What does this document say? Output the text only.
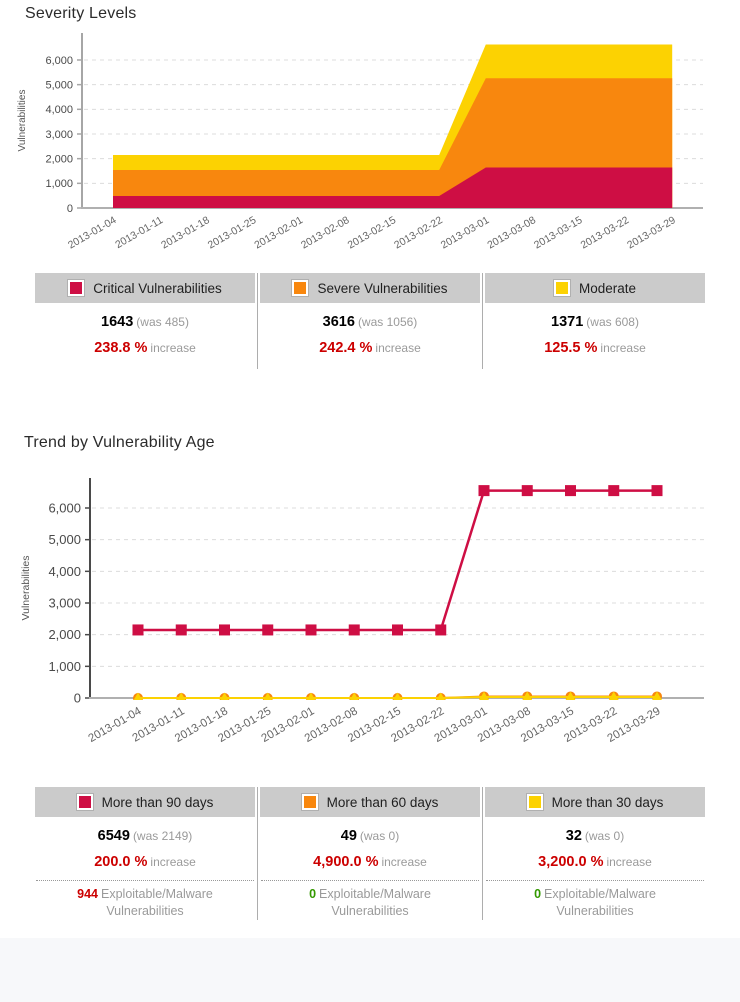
Severity Levels
0
1,000
2,000
3,000
4,000
5,000
6,000
2013-01-04
2013-01-11
2013-01-18
2013-01-25
2013-02-01
2013-02-08
2013-02-15
2013-02-22
2013-03-01
2013-03-08
2013-03-15
2013-03-22
2013-03-29
Vulnerabilities
Critical Vulnerabilities
1643 (was 485)
238.8 % increase
Severe Vulnerabilities
3616 (was 1056)
242.4 % increase
Moderate
1371 (was 608)
125.5 % increase
Trend by Vulnerability Age
0
1,000
2,000
3,000
4,000
5,000
6,000
2013-01-04
2013-01-11
2013-01-18
2013-01-25
2013-02-01
2013-02-08
2013-02-15
2013-02-22
2013-03-01
2013-03-08
2013-03-15
2013-03-22
2013-03-29
Vulnerabilities
More than 90 days
6549 (was 2149)
200.0 % increase
944 Exploitable/Malware Vulnerabilities
More than 60 days
49 (was 0)
4,900.0 % increase
0 Exploitable/Malware Vulnerabilities
More than 30 days
32 (was 0)
3,200.0 % increase
0 Exploitable/Malware Vulnerabilities
